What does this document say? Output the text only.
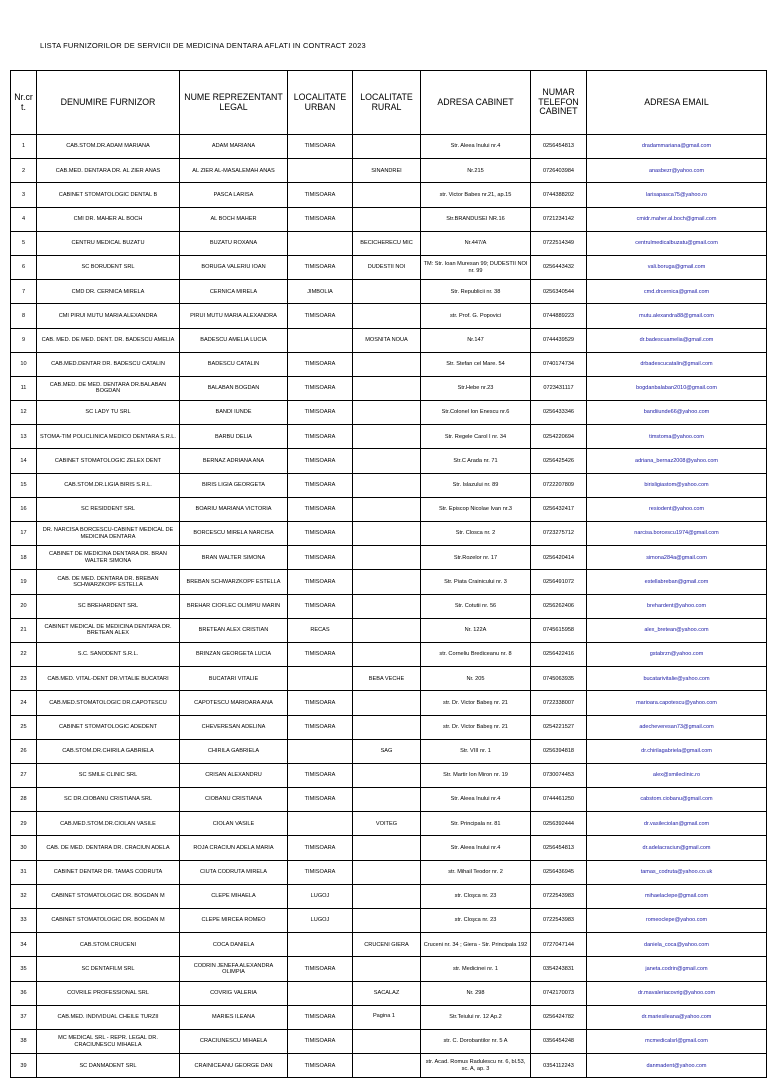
LISTA FURNIZORILOR DE SERVICII DE MEDICINA DENTARA AFLATI IN CONTRACT 2023
Nr.cr t.	DENUMIRE FURNIZOR	NUME REPREZENTANT LEGAL	LOCALITATE URBAN	LOCALITATE RURAL	ADRESA CABINET	NUMAR TELEFON CABINET	ADRESA EMAIL
1	CAB.STOM.DR.ADAM MARIANA	ADAM MARIANA	TIMISOARA		Str. Aleea Inului nr.4	0256454813	dradammariana@gmail.com
2	CAB.MED. DENTARA DR. AL ZIER ANAS	AL ZIER AL-MASALEMAH ANAS		SINANDREI	Nr.215	0726403984	anasbezr@yahoo.com
3	CABINET STOMATOLOGIC DENTAL B	PASCA LARISA	TIMISOARA		str. Victor Babes nr.21, ap.15	0744388202	larisapasca75@yahoo.ro
4	CMI DR. MAHER AL BOCH	AL BOCH MAHER	TIMISOARA		Str.BRANDUSEI NR.16	0721234142	cmidr.maher.al.boch@gmail.com
5	CENTRU MEDICAL BUZATU	BUZATU ROXANA		BECICHERECU MIC	Nr.447/A	0722514349	centrulmedicalbuzatu@gmail.com
6	SC BORUDENT SRL	BORUGA VALERIU IOAN	TIMISOARA	DUDESTII NOI	TM: Str. Ioan Muresan 99; DUDESTII NOI nr. 99	0256443432	vali.boruga@gmail.com
7	CMD DR. CERNICA MIRELA	CERNICA MIRELA	JIMBOLIA		Str. Republicii nr. 38	0256340544	cmd.drcernica@gmail.com
8	CMI PIRUI MUTU MARIA ALEXANDRA	PIRUI MUTU MARIA ALEXANDRA	TIMISOARA		str. Prof. G. Popovici	0744889223	mutu.alexandra88@gmail.com
9	CAB. MED. DE MED. DENT. DR. BADESCU AMELIA	BADESCU AMELIA LUCIA		MOSNITA NOUA	Nr.147	0744439529	dr.badescuamelia@gmail.com
10	CAB.MED.DENTAR DR. BADESCU CATALIN	BADESCU CATALIN	TIMISOARA		Str. Stefan cel Mare. 54	0740174734	drbadescucatalin@gmail.com
11	CAB.MED. DE MED. DENTARA DR.BALABAN BOGDAN	BALABAN BOGDAN	TIMISOARA		Str.Hebe nr.23	0723431117	bogdanbalaban2010@gmail.com
12	SC LADY TU SRL	BANDI IUNDE	TIMISOARA		Str.Colonel Ion Enescu nr.6	0256433346	bandiiunde66@yahoo.com
13	STOMA-TIM POLICLINICA MEDICO DENTARA S.R.L.	BARBU DELIA	TIMISOARA		Str. Regele Carol I nr. 34	0254220694	timstoma@yahoo.com
14	CABINET STOMATOLOGIC ZELEX DENT	BERNAZ ADRIANA ANA	TIMISOARA		Str.C Arada nr. 71	0256425426	adriana_bernaz2008@yahoo.com
15	CAB.STOM.DR.LIGIA BIRIS S.R.L.	BIRIS LIGIA GEORGETA	TIMISOARA		Str. Islazului nr. 89	0722207809	birisligiastom@yahoo.com
16	SC RESIDDENT SRL	BOARIU MARIANA VICTORIA	TIMISOARA		Str. Episcop Nicolae Ivan nr.3	0256432417	resiodent@yahoo.com
17	DR. NARCISA BORCESCU-CABINET MEDICAL DE MEDICINA DENTARA	BORCESCU MIRELA NARCISA	TIMISOARA		Str. Closca nr. 2	0723275712	narcisa.borcescu1974@gmail.com
18	CABINET DE MEDICINA DENTARA DR. BRAN WALTER SIMONA	BRAN WALTER SIMONA	TIMISOARA		Str.Rozelor nr. 17	0256420414	simona284a@gmail.com
19	CAB. DE MED. DENTARA DR. BREBAN SCHWARZKOPF ESTELLA	BREBAN SCHWARZKOPF ESTELLA	TIMISOARA		Str. Piata Crainicului nr. 3	0256491072	estellabreban@gmail.com
20	SC BREHARDENT SRL	BREHAR CIOFLEC OLIMPIU MARIN	TIMISOARA		Str. Cotutii nr. 56	0256262406	brehardent@yahoo.com
21	CABINET MEDICAL DE MEDICINA DENTARA DR. BRETEAN ALEX	BRETEAN ALEX CRISTIAN	RECAS		Nr. 122A	0745615958	alex_bretean@yahoo.com
22	S.C. SANODENT S.R.L.	BRINZAN GEORGETA LUCIA	TIMISOARA		str. Corneliu Brediceanu nr. 8	0256422416	gstabrzn@yahoo.com
23	CAB.MED. VITAL-DENT DR.VITALIE BUCATARI	BUCATARI VITALIE		BEBA VECHE	Nr. 205	0745063935	bucatarivitalie@yahoo.com
24	CAB.MED.STOMATOLOGIC DR.CAPOTESCU	CAPOTESCU MARIOARA ANA	TIMISOARA		str. Dr. Victor Babeş nr. 21	0722338007	marioara.capotescu@yahoo.com
25	CABINET STOMATOLOGIC ADEDENT	CHEVERESAN ADELINA	TIMISOARA		str. Dr. Victor Babeş nr. 21	0254221527	adecheveresan73@gmail.com
26	CAB.STOM.DR.CHIRILA GABRIELA	CHIRILA GABRIELA		SAG	Str. VIII nr. 1	0256394818	dr.chirilagabriela@gmail.com
27	SC SMILE CLINIC SRL	CRISAN ALEXANDRU	TIMISOARA		Str. Martir Ion Miron nr. 19	0730074453	alex@smileclinic.ro
28	SC DR.CIOBANU CRISTIANA SRL	CIOBANU CRISTIANA	TIMISOARA		Str. Aleea Inului nr.4	0744461250	cabstom.ciobanu@gmail.com
29	CAB.MED.STOM.DR.CIOLAN VASILE	CIOLAN VASILE		VOITEG	Str. Principala nr. 81	0256392444	dr.vasileciolan@gmail.com
30	CAB. DE MED. DENTARA DR. CRACIUN ADELA	ROJA CRACIUN ADELA MARIA	TIMISOARA		Str. Aleea Inului nr.4	0256454813	dr.adelacraciun@gmail.com
31	CABINET DENTAR DR. TAMAS CODRUTA	CIUTA CODRUTA MIRELA	TIMISOARA		str. Mihail Teodor nr. 2	0256436945	tamas_codruta@yahoo.co.uk
32	CABINET STOMATOLOGIC DR. BOGDAN M	CLEPE MIHAELA	LUGOJ		str. Cloşca nr. 23	0722543983	mihaelaclepe@gmail.com
33	CABINET STOMATOLOGIC DR. BOGDAN M	CLEPE MIRCEA ROMEO	LUGOJ		str. Cloşca nr. 23	0722543983	romeoclepe@yahoo.com
34	CAB.STOM.CRUCENI	COCA DANIELA		CRUCENI GIERA	Cruceni nr. 34 ; Giera - Str. Principala 192	0727047144	daniela_coca@yahoo.com
35	SC DENTAFILM SRL	CODRIN JENEFA ALEXANDRA OLIMPIA	TIMISOARA		str. Medicinei nr. 1	0354243831	janeta.codrin@gmail.com
36	COVRILE PROFESSIONAL SRL	COVRIG VALERIA		SACALAZ	Nr. 298	0742170073	dr.mavaleriacovrig@yahoo.com
37	CAB.MED. INDIVIDUAL CHEILE TURZII	MARIES ILEANA	TIMISOARA		Str.Teiului nr. 12 Ap.2	0256424782	dr.mariesileana@yahoo.com
38	MC MEDICAL SRL - REPR. LEGAL DR. CRACIUNESCU MIHAELA	CRACIUNESCU MIHAELA	TIMISOARA		str. C. Dorobantilor nr. 5 A	0356454248	mcmedicalsrl@gmail.com
39	SC DANMADENT SRL	CRAINICEANU GEORGE DAN	TIMISOARA		str. Acad. Romus Radulescu nr. 6, bl.53, sc. A, ap. 3	0354112243	danmadent@yahoo.com
Pagina 1
